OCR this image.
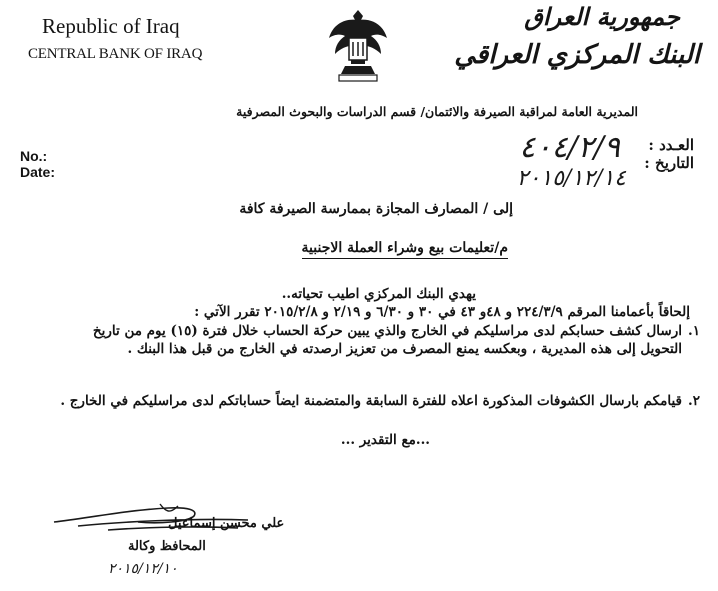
Republic of Iraq
CENTRAL BANK OF IRAQ
جمهورية العراق
البنك المركزي العراقي
المديرية العامة لمراقبة الصيرفة والائتمان/ قسم الدراسات والبحوث المصرفية
No.:
Date:
العـدد :
التاريخ :
٤٠٤/٢/٩
٢٠١٥/١٢/١٤
إلى / المصارف المجازة بممارسة الصيرفة كافة
م/تعليمات بيع وشراء العملة الاجنبية
يهدي البنك المركزي اطيب تحياته..
إلحاقاً بأعمامنا المرقم ٢٢٤/٣/٩ و ٤٨و ٤٣ في ٣٠ و ٦/٣٠ و ٢/١٩ و ٢٠١٥/٢/٨ تقرر الآتي :
١.
ارسال كشف حسابكم لدى مراسليكم في الخارج والذي يبين حركة الحساب خلال فترة (١٥) يوم من تاريخ التحويل إلى هذه المديرية ، وبعكسه يمنع المصرف من تعزيز ارصدته في الخارج من قبل هذا البنك .
٢.
قيامكم بارسال الكشوفات المذكورة اعلاه للفترة السابقة والمتضمنة ايضاً حساباتكم لدى مراسليكم في الخارج .
...مع التقدير ...
علي محسن إسماعيل
المحافظ وكالة
٢٠١٥/١٢/١٠
